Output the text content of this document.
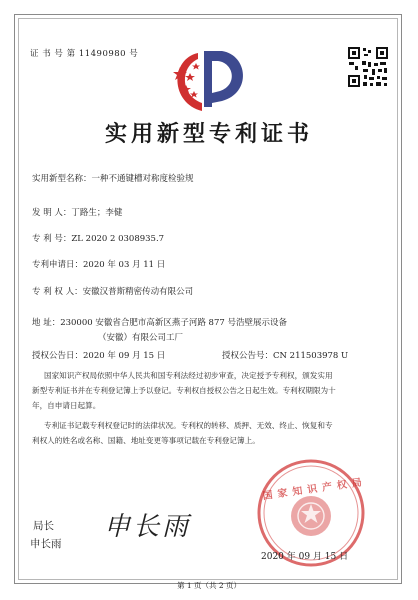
证 书 号 第 11490980 号
实用新型专利证书
实用新型名称：一种不通键槽对称度检验规
发 明 人：丁路生；李健
专 利 号：ZL 2020 2 0308935.7
专利申请日：2020 年 03 月 11 日
专 利 权 人：安徽汉普斯精密传动有限公司
地 址：230000 安徽省合肥市高新区燕子河路 877 号浩壁展示设备
（安徽）有限公司工厂
授权公告日：2020 年 09 月 15 日	授权公告号：CN 211503978 U
国家知识产权局依照中华人民共和国专利法经过初步审查，决定授予专利权，颁发实用
新型专利证书并在专利登记簿上予以登记。专利权自授权公告之日起生效。专利权期限为十
年，自申请日起算。
专利证书记载专利权登记时的法律状况。专利权的转移、质押、无效、终止、恢复和专
利权人的姓名或名称、国籍、地址变更等事项记载在专利登记簿上。
局长
申长雨
申长雨
国家知识产权局
2020 年 09 月 15 日
第 1 页（共 2 页）
